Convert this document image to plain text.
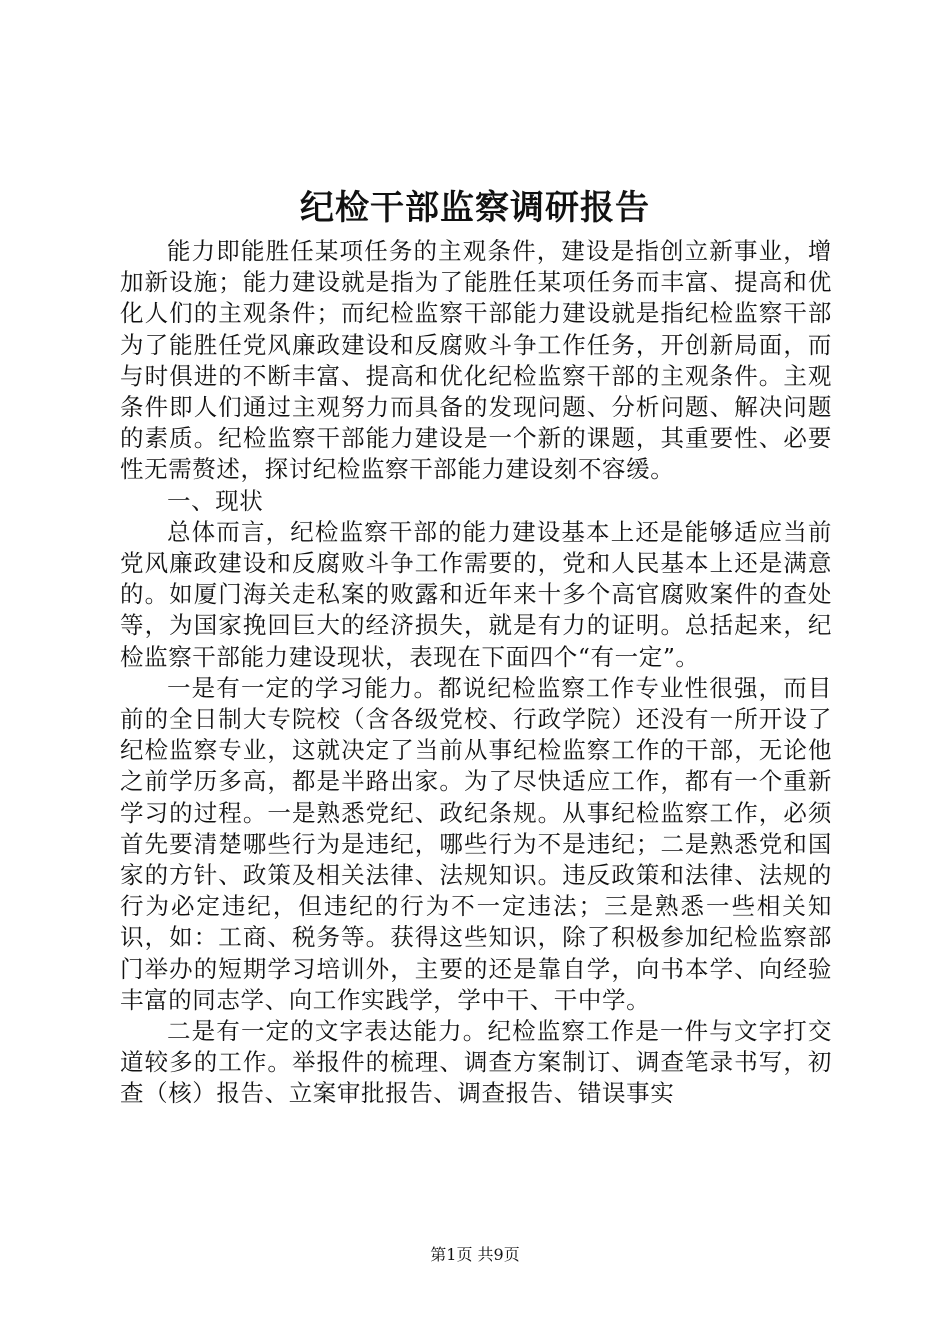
纪检干部监察调研报告

能力即能胜任某项任务的主观条件，建设是指创立新事业，增加新设施；能力建设就是指为了能胜任某项任务而丰富、提高和优化人们的主观条件；而纪检监察干部能力建设就是指纪检监察干部为了能胜任党风廉政建设和反腐败斗争工作任务，开创新局面，而与时俱进的不断丰富、提高和优化纪检监察干部的主观条件。主观条件即人们通过主观努力而具备的发现问题、分析问题、解决问题的素质。纪检监察干部能力建设是一个新的课题，其重要性、必要性无需赘述，探讨纪检监察干部能力建设刻不容缓。

一、现状

总体而言，纪检监察干部的能力建设基本上还是能够适应当前党风廉政建设和反腐败斗争工作需要的，党和人民基本上还是满意的。如厦门海关走私案的败露和近年来十多个高官腐败案件的查处等，为国家挽回巨大的经济损失，就是有力的证明。总括起来，纪检监察干部能力建设现状，表现在下面四个“有一定”。

一是有一定的学习能力。都说纪检监察工作专业性很强，而目前的全日制大专院校（含各级党校、行政学院）还没有一所开设了纪检监察专业，这就决定了当前从事纪检监察工作的干部，无论他之前学历多高，都是半路出家。为了尽快适应工作，都有一个重新学习的过程。一是熟悉党纪、政纪条规。从事纪检监察工作，必须首先要清楚哪些行为是违纪，哪些行为不是违纪；二是熟悉党和国家的方针、政策及相关法律、法规知识。违反政策和法律、法规的行为必定违纪，但违纪的行为不一定违法；三是熟悉一些相关知识，如：工商、税务等。获得这些知识，除了积极参加纪检监察部门举办的短期学习培训外，主要的还是靠自学，向书本学、向经验丰富的同志学、向工作实践学，学中干、干中学。

二是有一定的文字表达能力。纪检监察工作是一件与文字打交道较多的工作。举报件的梳理、调查方案制订、调查笔录书写，初查（核）报告、立案审批报告、调查报告、错误事实

第1页 共9页
